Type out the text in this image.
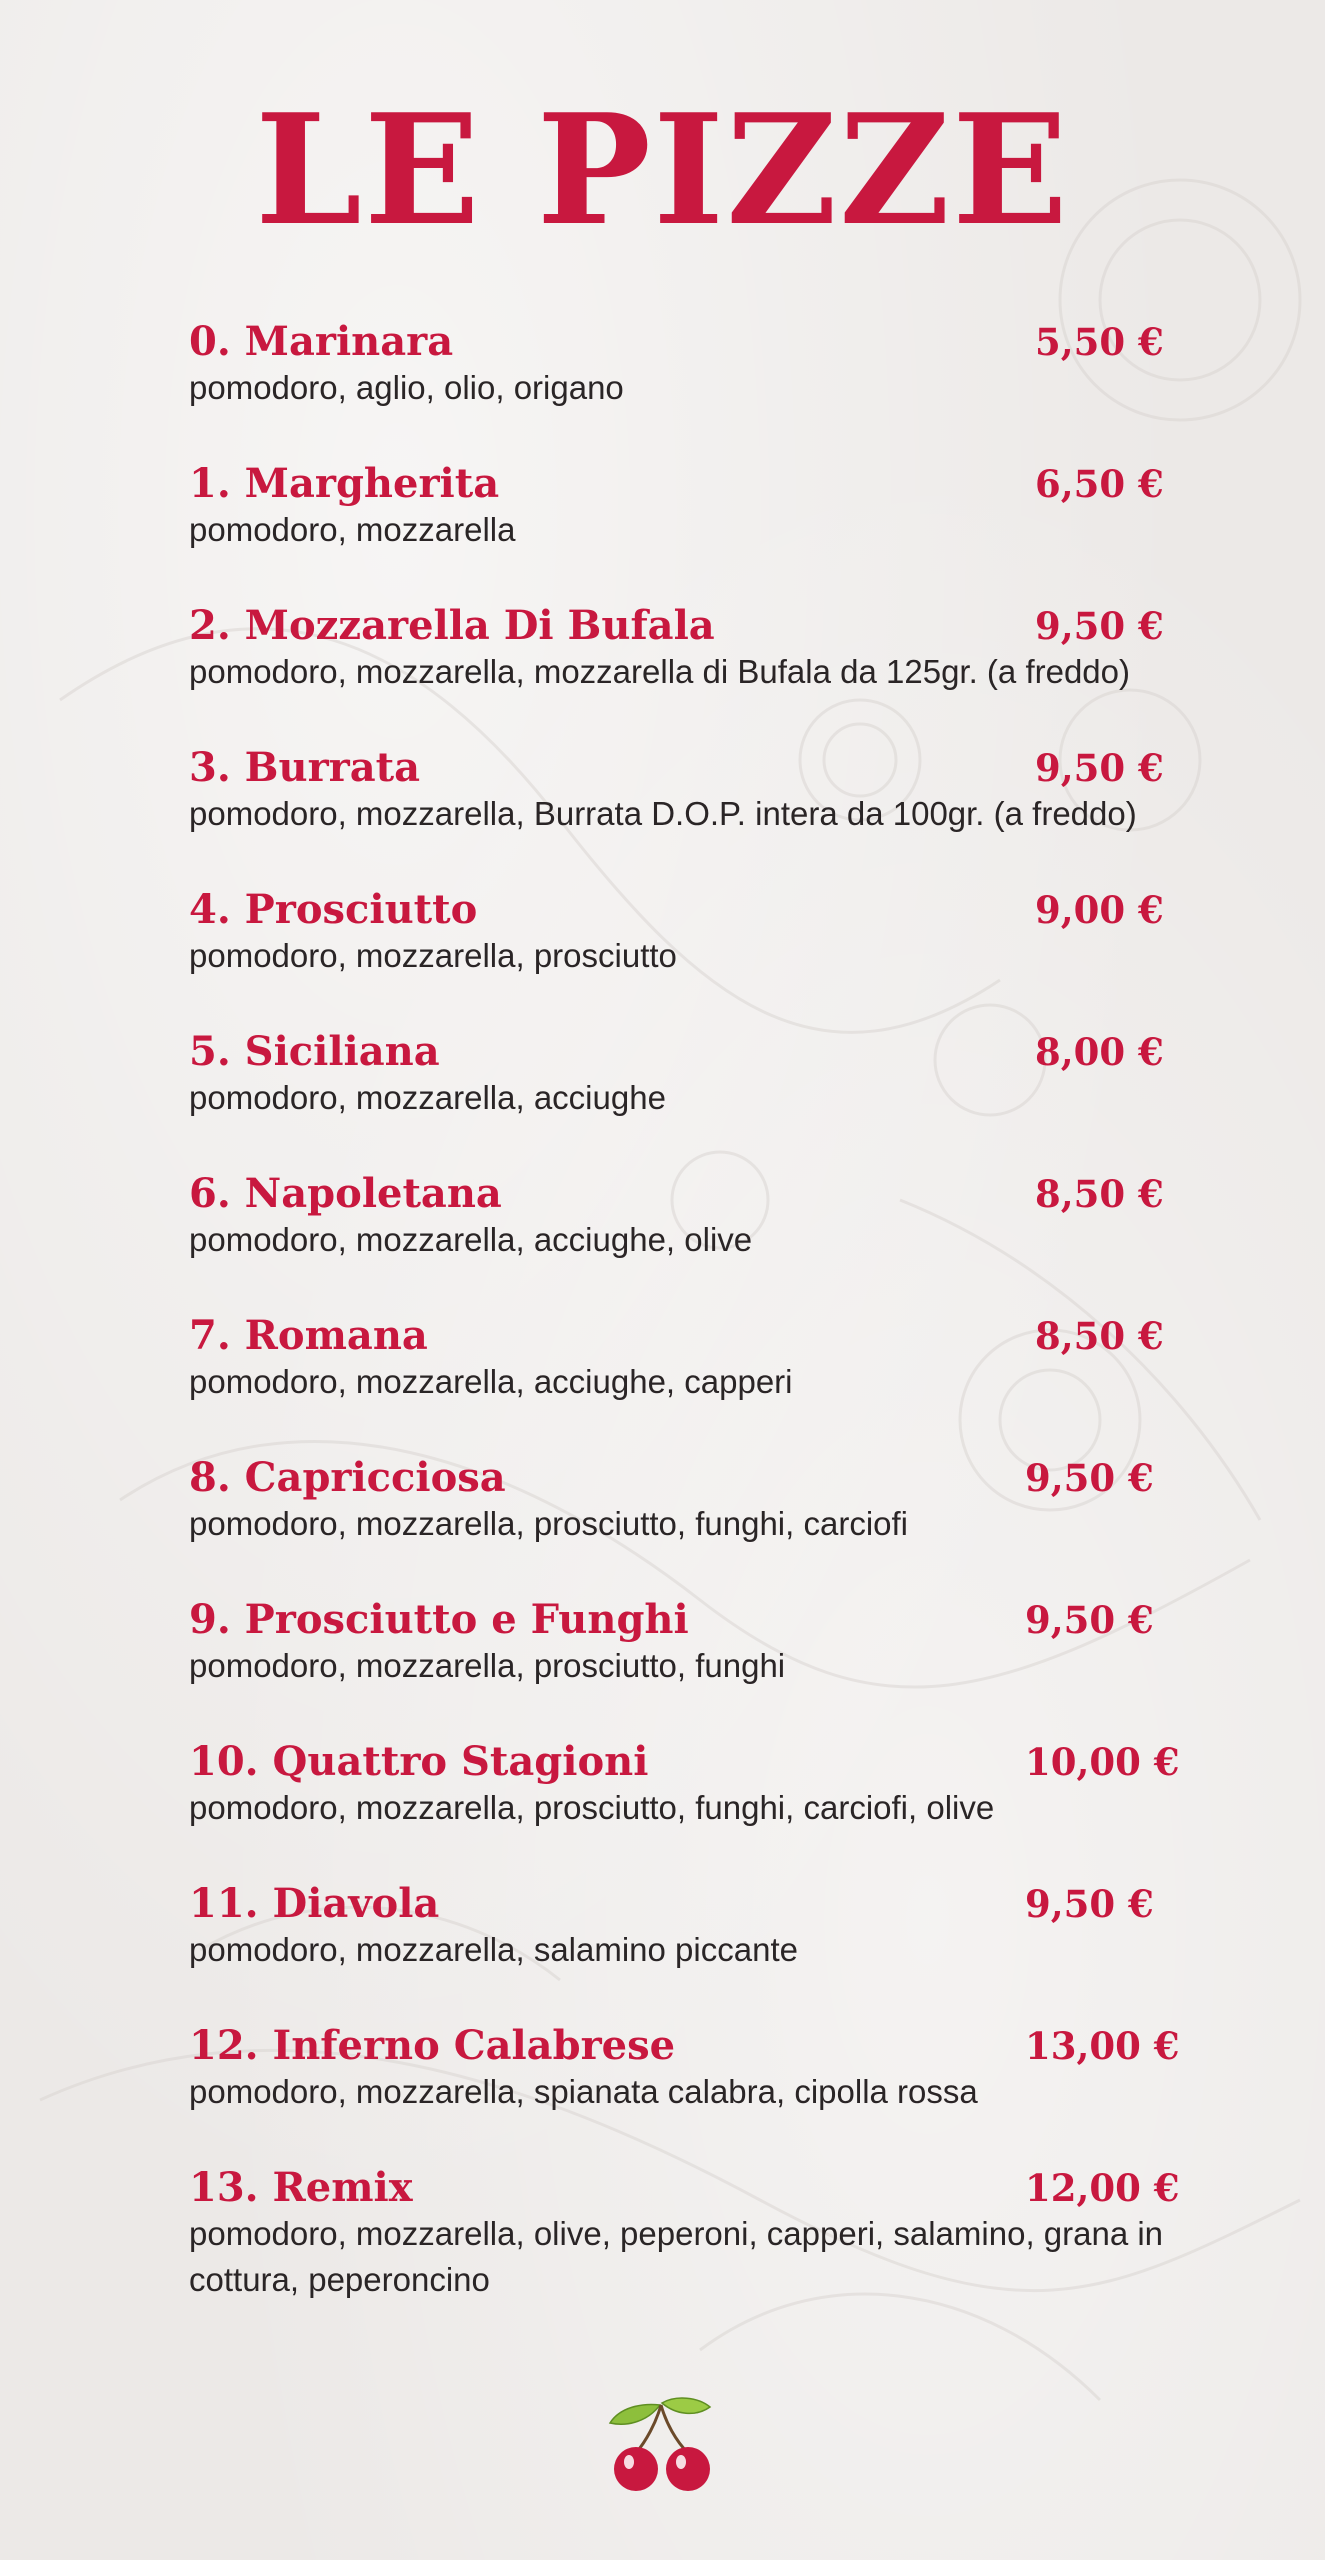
LE PIZZE
0. Marinara	5,50 €
pomodoro, aglio, olio, origano
1. Margherita	6,50 €
pomodoro, mozzarella
2. Mozzarella Di Bufala	9,50 €
pomodoro, mozzarella, mozzarella di Bufala da 125gr. (a freddo)
3. Burrata	9,50 €
pomodoro, mozzarella, Burrata D.O.P. intera da 100gr. (a freddo)
4. Prosciutto	9,00 €
pomodoro, mozzarella, prosciutto
5. Siciliana	8,00 €
pomodoro, mozzarella, acciughe
6. Napoletana	8,50 €
pomodoro, mozzarella, acciughe, olive
7. Romana	8,50 €
pomodoro, mozzarella, acciughe, capperi
8. Capricciosa	9,50 €
pomodoro, mozzarella, prosciutto, funghi, carciofi
9. Prosciutto e Funghi	9,50 €
pomodoro, mozzarella, prosciutto, funghi
10. Quattro Stagioni	10,00 €
pomodoro, mozzarella, prosciutto, funghi, carciofi, olive
11. Diavola	9,50 €
pomodoro, mozzarella, salamino piccante
12. Inferno Calabrese	13,00 €
pomodoro, mozzarella, spianata calabra, cipolla rossa
13. Remix	12,00 €
pomodoro, mozzarella, olive, peperoni, capperi, salamino, grana in cottura, peperoncino
